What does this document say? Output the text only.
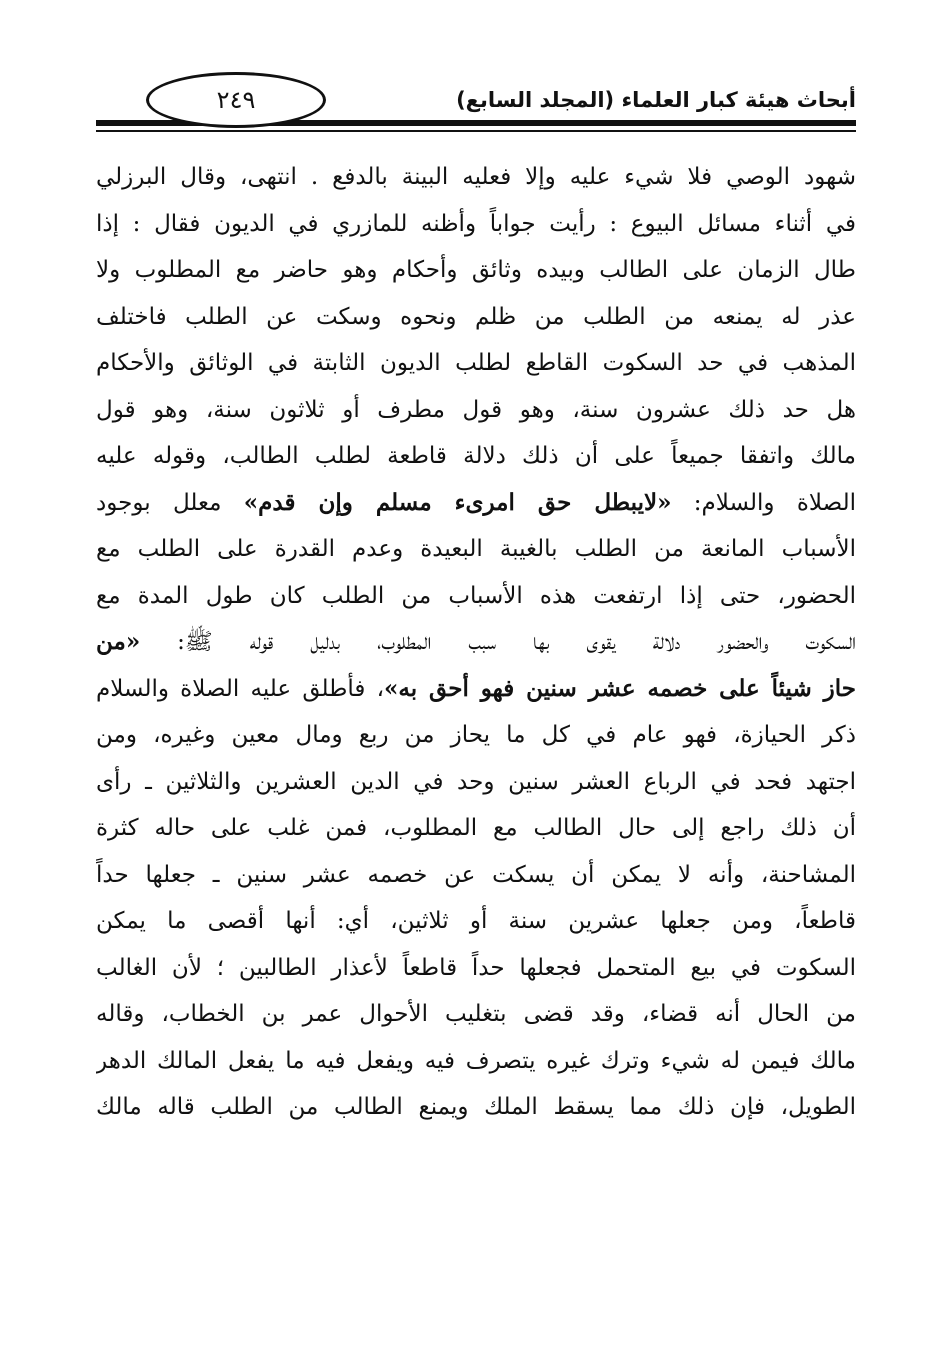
٢٤٩	أبحاث هيئة كبار العلماء (المجلد السابع)
شهود الوصي فلا شيء عليه وإلا فعليه البينة بالدفع . انتهى، وقال البرزلي
في أثناء مسائل البيوع : رأيت جواباً وأظنه للمازري في الديون فقال : إذا
طال الزمان على الطالب وبيده وثائق وأحكام وهو حاضر مع المطلوب ولا
عذر له يمنعه من الطلب من ظلم ونحوه وسكت عن الطلب فاختلف
المذهب في حد السكوت القاطع لطلب الديون الثابتة في الوثائق والأحكام
هل حد ذلك عشرون سنة، وهو قول مطرف أو ثلاثون سنة، وهو قول
مالك واتفقا جميعاً على أن ذلك دلالة قاطعة لطلب الطالب، وقوله عليه
الصلاة والسلام: «لايبطل حق امرىء مسلم وإن قدم» معلل بوجود
الأسباب المانعة من الطلب بالغيبة البعيدة وعدم القدرة على الطلب مع
الحضور، حتى إذا ارتفعت هذه الأسباب من الطلب كان طول المدة مع
السكوت والحضور دلالة يقوى بها سبب المطلوب، بدليل قوله ﷺ: «من
حاز شيئاً على خصمه عشر سنين فهو أحق به»، فأطلق عليه الصلاة والسلام
ذكر الحيازة، فهو عام في كل ما يحاز من ربع ومال معين وغيره، ومن
اجتهد فحد في الرباع العشر سنين وحد في الدين العشرين والثلاثين ـ رأى
أن ذلك راجع إلى حال الطالب مع المطلوب، فمن غلب على حاله كثرة
المشاحنة، وأنه لا يمكن أن يسكت عن خصمه عشر سنين ـ جعلها حداً
قاطعاً، ومن جعلها عشرين سنة أو ثلاثين، أي: أنها أقصى ما يمكن
السكوت في بيع المتحمل فجعلها حداً قاطعاً لأعذار الطالبين ؛ لأن الغالب
من الحال أنه قضاء، وقد قضى بتغليب الأحوال عمر بن الخطاب، وقاله
مالك فيمن له شيء وترك غيره يتصرف فيه ويفعل فيه ما يفعل المالك الدهر
الطويل، فإن ذلك مما يسقط الملك ويمنع الطالب من الطلب قاله مالك
